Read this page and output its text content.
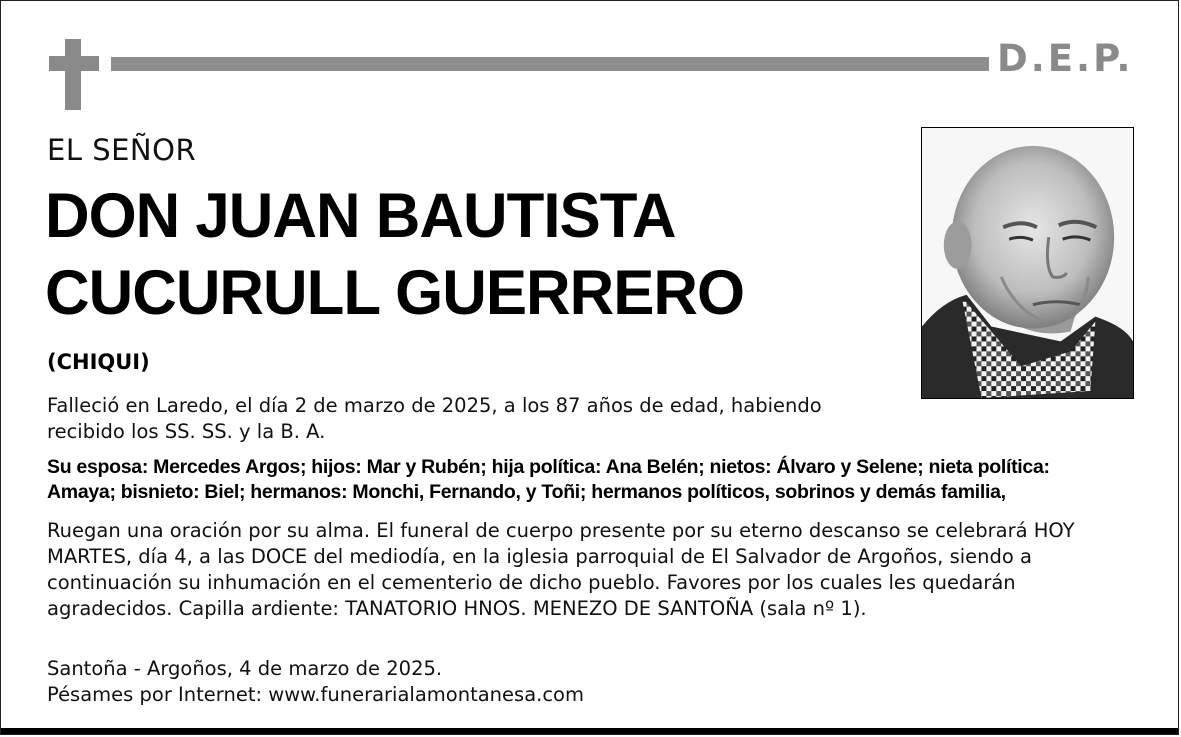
D.E.P.
EL SEÑOR
DON JUAN BAUTISTA
CUCURULL GUERRERO
(CHIQUI)
Falleció en Laredo, el día 2 de marzo de 2025, a los 87 años de edad, habiendo
recibido los SS. SS. y la B. A.
Su esposa: Mercedes Argos; hijos: Mar y Rubén; hija política: Ana Belén; nietos: Álvaro y Selene; nieta política:
Amaya; bisnieto: Biel; hermanos: Monchi, Fernando, y Toñi; hermanos políticos, sobrinos y demás familia,
Ruegan una oración por su alma. El funeral de cuerpo presente por su eterno descanso se celebrará HOY
MARTES, día 4, a las DOCE del mediodía, en la iglesia parroquial de El Salvador de Argoños, siendo a
continuación su inhumación en el cementerio de dicho pueblo. Favores por los cuales les quedarán
agradecidos. Capilla ardiente: TANATORIO HNOS. MENEZO DE SANTOÑA (sala nº 1).
Santoña - Argoños, 4 de marzo de 2025.
Pésames por Internet: www.funerarialamontanesa.com
